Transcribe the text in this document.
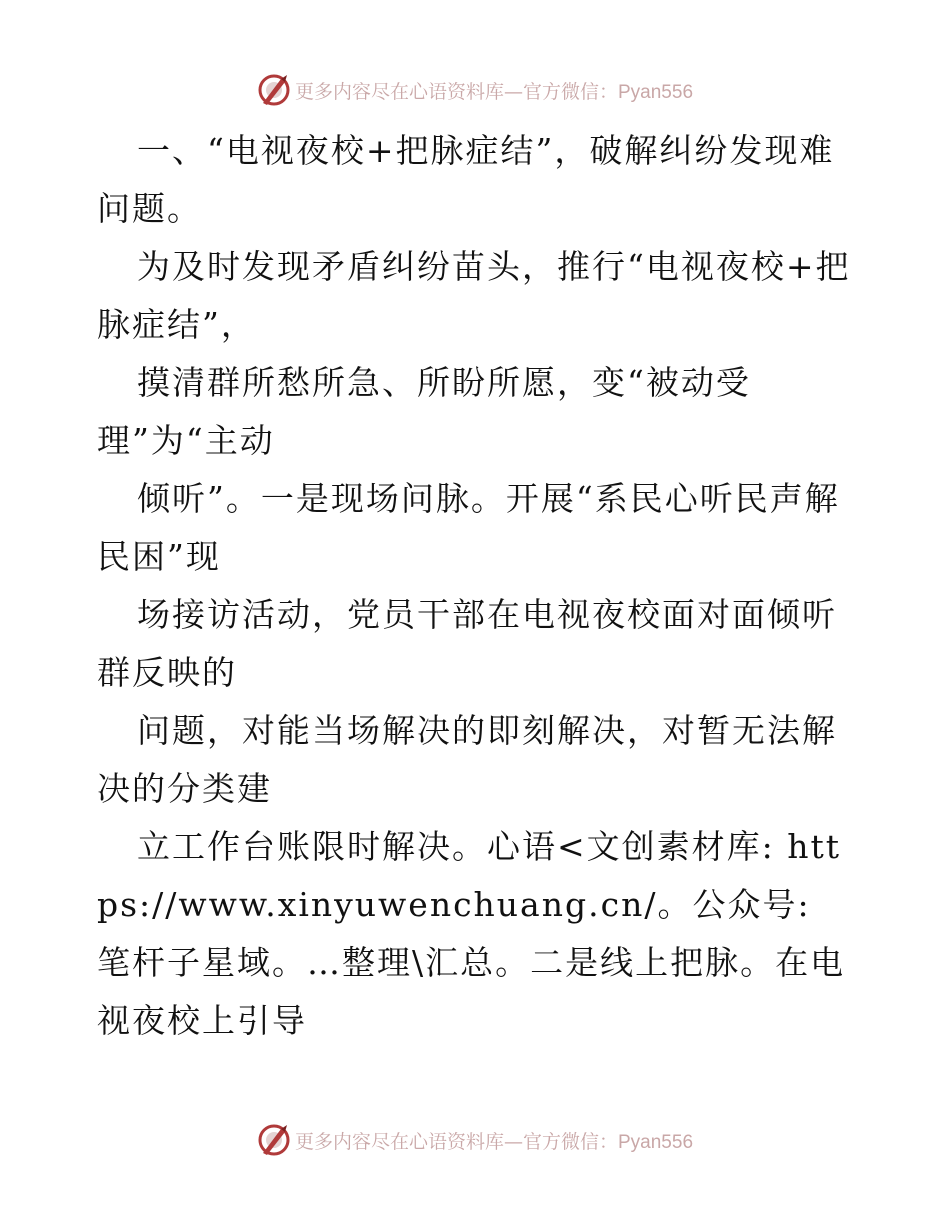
更多内容尽在心语资料库—官方微信：Pyan556

一、“电视夜校+把脉症结”，破解纠纷发现难问题。

为及时发现矛盾纠纷苗头，推行“电视夜校+把脉症结”，

摸清群所愁所急、所盼所愿，变“被动受理”为“主动

倾听”。一是现场问脉。开展“系民心听民声解民困”现

场接访活动，党员干部在电视夜校面对面倾听群反映的

问题，对能当场解决的即刻解决，对暂无法解决的分类建

立工作台账限时解决。心语<文创素材库: https://www.xinyuwenchuang.cn/。公众号: 笔杆子星域。…整理\汇总。二是线上把脉。在电视夜校上引导

更多内容尽在心语资料库—官方微信：Pyan556
